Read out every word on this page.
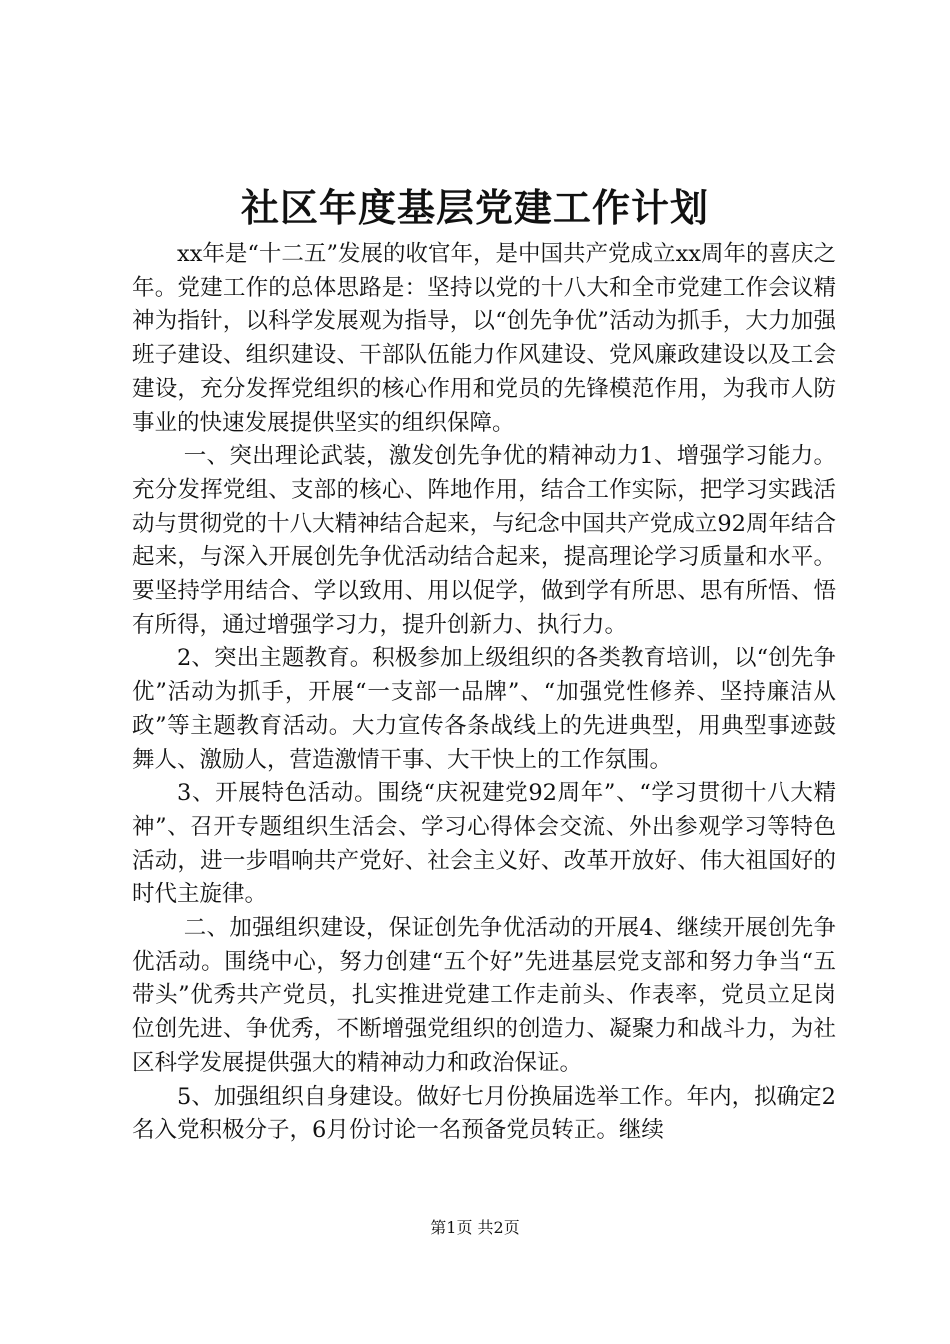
社区年度基层党建工作计划

xx年是“十二五”发展的收官年，是中国共产党成立xx周年的喜庆之年。党建工作的总体思路是：坚持以党的十八大和全市党建工作会议精神为指针，以科学发展观为指导，以“创先争优”活动为抓手，大力加强班子建设、组织建设、干部队伍能力作风建设、党风廉政建设以及工会建设，充分发挥党组织的核心作用和党员的先锋模范作用，为我市人防事业的快速发展提供坚实的组织保障。

一、突出理论武装，激发创先争优的精神动力1、增强学习能力。充分发挥党组、支部的核心、阵地作用，结合工作实际，把学习实践活动与贯彻党的十八大精神结合起来，与纪念中国共产党成立92周年结合起来，与深入开展创先争优活动结合起来，提高理论学习质量和水平。要坚持学用结合、学以致用、用以促学，做到学有所思、思有所悟、悟有所得，通过增强学习力，提升创新力、执行力。

2、突出主题教育。积极参加上级组织的各类教育培训，以“创先争优”活动为抓手，开展“一支部一品牌”、“加强党性修养、坚持廉洁从政”等主题教育活动。大力宣传各条战线上的先进典型，用典型事迹鼓舞人、激励人，营造激情干事、大干快上的工作氛围。

3、开展特色活动。围绕“庆祝建党92周年”、“学习贯彻十八大精神”、召开专题组织生活会、学习心得体会交流、外出参观学习等特色活动，进一步唱响共产党好、社会主义好、改革开放好、伟大祖国好的时代主旋律。

二、加强组织建设，保证创先争优活动的开展4、继续开展创先争优活动。围绕中心，努力创建“五个好”先进基层党支部和努力争当“五带头”优秀共产党员，扎实推进党建工作走前头、作表率，党员立足岗位创先进、争优秀，不断增强党组织的创造力、凝聚力和战斗力，为社区科学发展提供强大的精神动力和政治保证。

5、加强组织自身建设。做好七月份换届选举工作。年内，拟确定2名入党积极分子，6月份讨论一名预备党员转正。继续

第1页 共2页
